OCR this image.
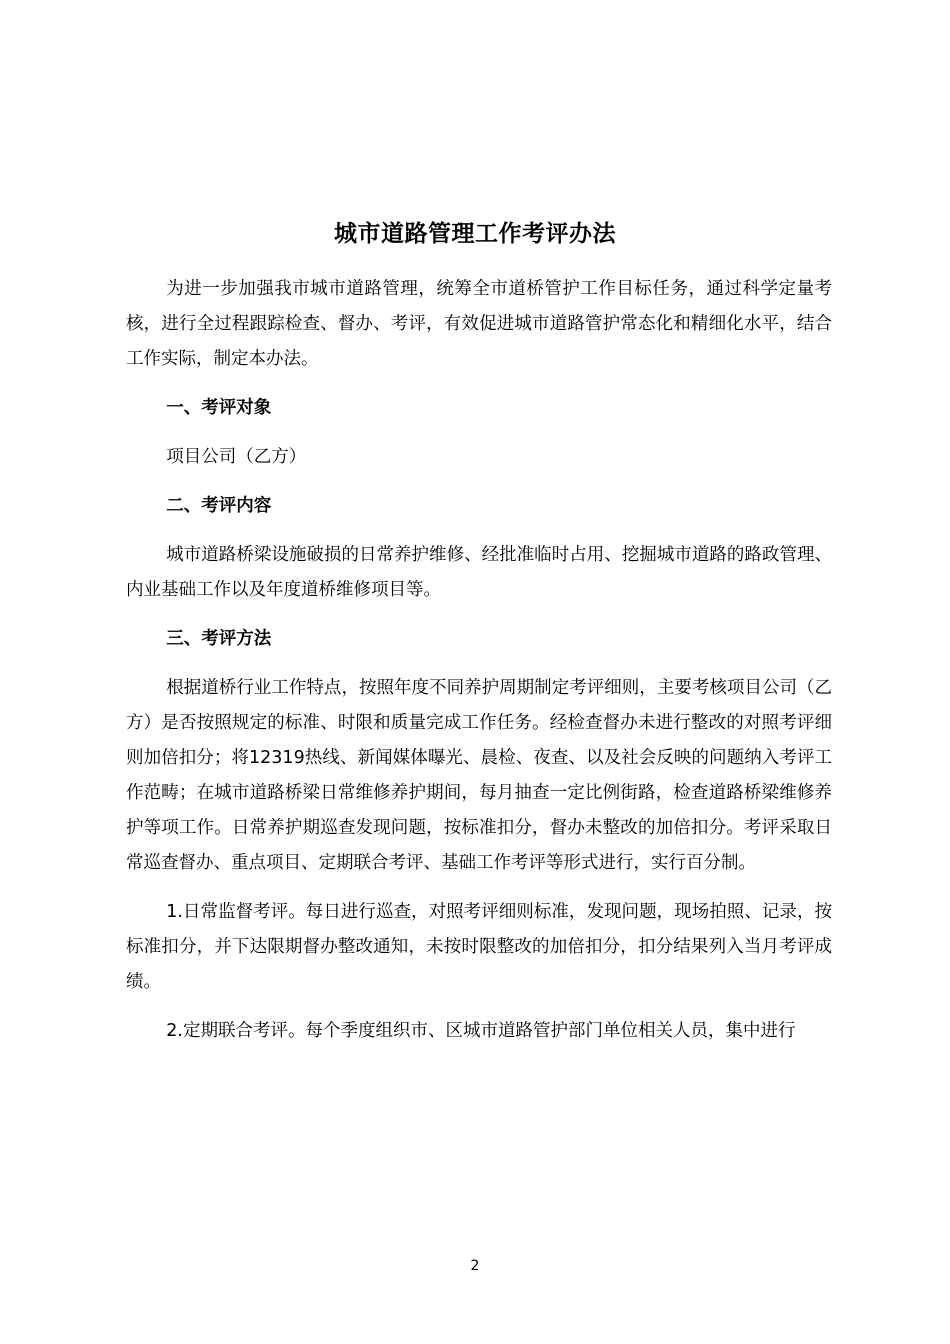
城市道路管理工作考评办法

为进一步加强我市城市道路管理，统筹全市道桥管护工作目标任务，通过科学定量考核，进行全过程跟踪检查、督办、考评，有效促进城市道路管护常态化和精细化水平，结合工作实际，制定本办法。

一、考评对象

项目公司（乙方）

二、考评内容

城市道路桥梁设施破损的日常养护维修、经批准临时占用、挖掘城市道路的路政管理、内业基础工作以及年度道桥维修项目等。

三、考评方法

根据道桥行业工作特点，按照年度不同养护周期制定考评细则，主要考核项目公司（乙方）是否按照规定的标准、时限和质量完成工作任务。经检查督办未进行整改的对照考评细则加倍扣分；将12319热线、新闻媒体曝光、晨检、夜查、以及社会反映的问题纳入考评工作范畴；在城市道路桥梁日常维修养护期间，每月抽查一定比例街路，检查道路桥梁维修养护等项工作。日常养护期巡查发现问题，按标准扣分，督办未整改的加倍扣分。考评采取日常巡查督办、重点项目、定期联合考评、基础工作考评等形式进行，实行百分制。

1.日常监督考评。每日进行巡查，对照考评细则标准，发现问题，现场拍照、记录，按标准扣分，并下达限期督办整改通知，未按时限整改的加倍扣分，扣分结果列入当月考评成绩。

2.定期联合考评。每个季度组织市、区城市道路管护部门单位相关人员，集中进行

2
